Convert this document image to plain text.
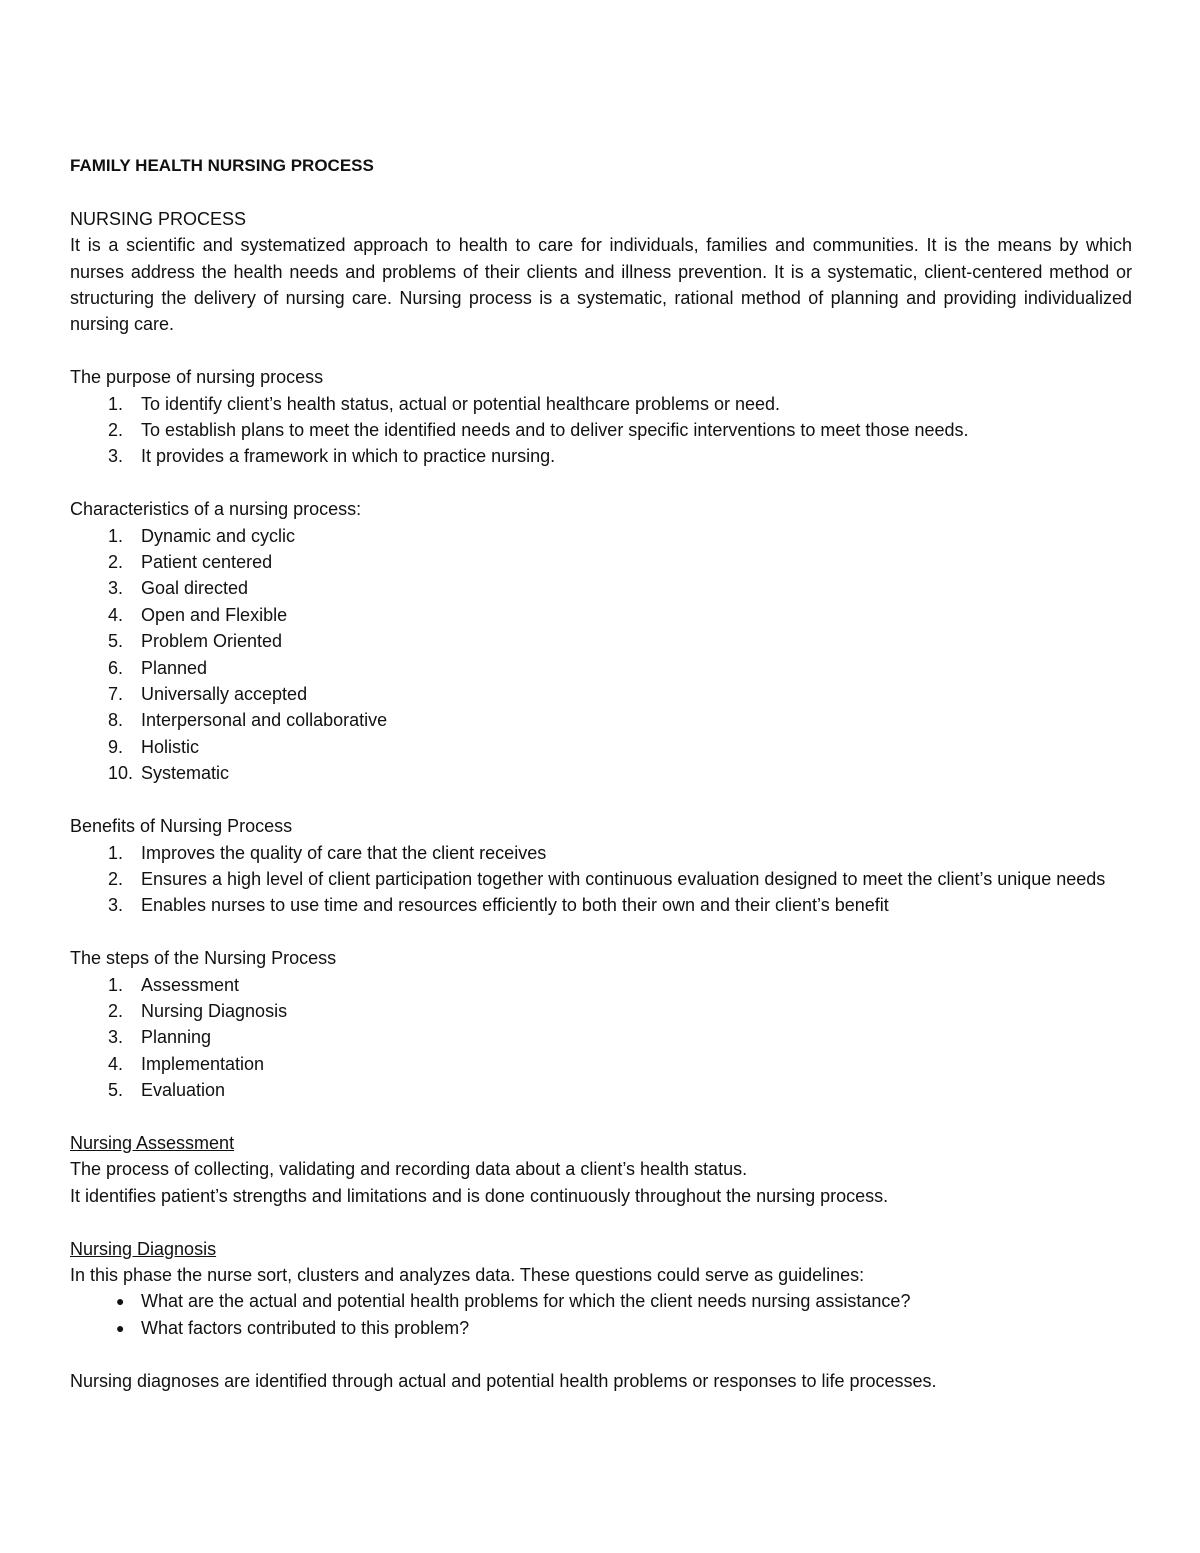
FAMILY HEALTH NURSING PROCESS

NURSING PROCESS

It is a scientific and systematized approach to health to care for individuals, families and communities. It is the means by which nurses address the health needs and problems of their clients and illness prevention. It is a systematic, client-centered method or structuring the delivery of nursing care. Nursing process is a systematic, rational method of planning and providing individualized nursing care.

The purpose of nursing process

1. To identify client’s health status, actual or potential healthcare problems or need.
2. To establish plans to meet the identified needs and to deliver specific interventions to meet those needs.
3. It provides a framework in which to practice nursing.

Characteristics of a nursing process:

1. Dynamic and cyclic
2. Patient centered
3. Goal directed
4. Open and Flexible
5. Problem Oriented
6. Planned
7. Universally accepted
8. Interpersonal and collaborative
9. Holistic
10. Systematic

Benefits of Nursing Process

1. Improves the quality of care that the client receives
2. Ensures a high level of client participation together with continuous evaluation designed to meet the client’s unique needs
3. Enables nurses to use time and resources efficiently to both their own and their client’s benefit

The steps of the Nursing Process

1. Assessment
2. Nursing Diagnosis
3. Planning
4. Implementation
5. Evaluation

Nursing Assessment

The process of collecting, validating and recording data about a client’s health status.

It identifies patient’s strengths and limitations and is done continuously throughout the nursing process.

Nursing Diagnosis

In this phase the nurse sort, clusters and analyzes data. These questions could serve as guidelines:

● What are the actual and potential health problems for which the client needs nursing assistance?
● What factors contributed to this problem?

Nursing diagnoses are identified through actual and potential health problems or responses to life processes.
